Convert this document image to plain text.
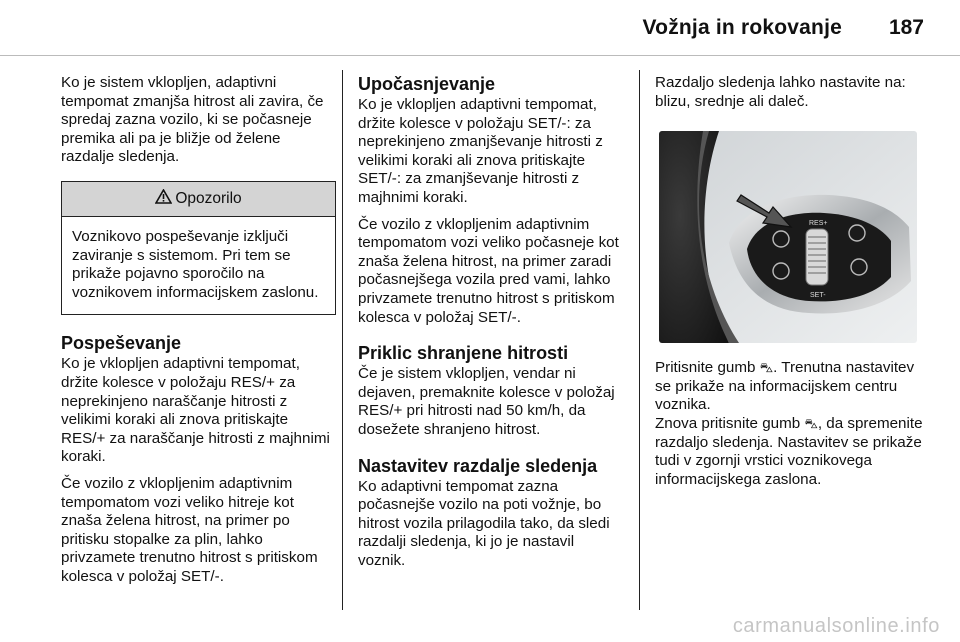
Vožnja in rokovanje 187

Ko je sistem vklopljen, adaptivni tempomat zmanjša hitrost ali zavira, če spredaj zazna vozilo, ki se počasneje premika ali pa je bližje od želene razdalje sledenja.

Opozorilo
Voznikovo pospeševanje izključi zaviranje s sistemom. Pri tem se prikaže pojavno sporočilo na voznikovem informacijskem zaslonu.
Pospeševanje

Ko je vklopljen adaptivni tempomat, držite kolesce v položaju RES/+ za neprekinjeno naraščanje hitrosti z velikimi koraki ali znova pritiskajte RES/+ za naraščanje hitrosti z majhnimi koraki.

Če vozilo z vklopljenim adaptivnim tempomatom vozi veliko hitreje kot znaša želena hitrost, na primer po pritisku stopalke za plin, lahko privzamete trenutno hitrost s pritiskom kolesca v položaj SET/-.

Upočasnjevanje

Ko je vklopljen adaptivni tempomat, držite kolesce v položaju SET/-: za neprekinjeno zmanjševanje hitrosti z velikimi koraki ali znova pritiskajte SET/-: za zmanjševanje hitrosti z majhnimi koraki.

Če vozilo z vklopljenim adaptivnim tempomatom vozi veliko počasneje kot znaša želena hitrost, na primer zaradi počasnejšega vozila pred vami, lahko privzamete trenutno hitrost s pritiskom kolesca v položaj SET/-.

Priklic shranjene hitrosti

Če je sistem vklopljen, vendar ni dejaven, premaknite kolesce v položaj RES/+ pri hitrosti nad 50 km/h, da dosežete shranjeno hitrost.

Nastavitev razdalje sledenja

Ko adaptivni tempomat zazna počasnejše vozilo na poti vožnje, bo hitrost vozila prilagodila tako, da sledi razdalji sledenja, ki jo je nastavil voznik.

Razdaljo sledenja lahko nastavite na: blizu, srednje ali daleč.

RES+
SET-

Pritisnite gumb ⛍. Trenutna nastavitev se prikaže na informacijskem centru voznika.
Znova pritisnite gumb ⛍, da spremenite razdaljo sledenja. Nastavitev se prikaže tudi v zgornji vrstici voznikovega informacijskega zaslona.

carmanualsonline.info
